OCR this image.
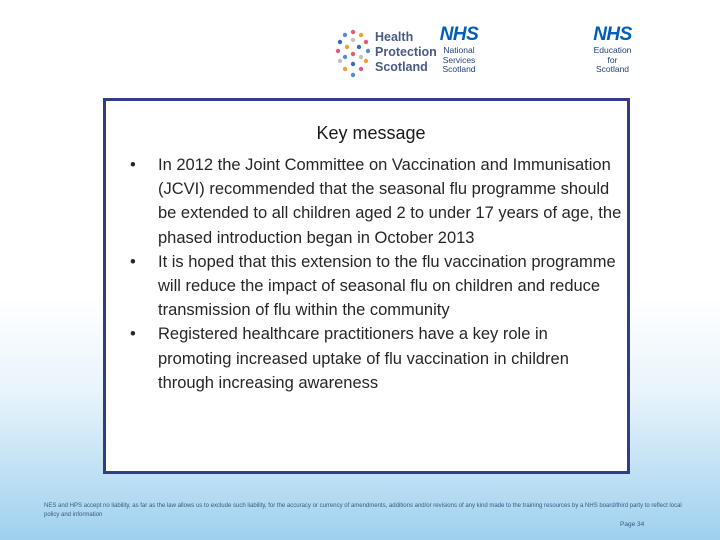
Health
Protection
Scotland
NHS
National
Services
Scotland
NHS
Education
for
Scotland
Key message
• In 2012 the Joint Committee on Vaccination and Immunisation (JCVI) recommended that the seasonal flu programme should be extended to all children aged 2 to under 17 years of age, the phased introduction began in October 2013
• It is hoped that this extension to the flu vaccination programme will reduce the impact of seasonal flu on children and reduce transmission of flu within the community
• Registered healthcare practitioners have a key role in promoting increased uptake of flu vaccination in children through increasing awareness
NES and HPS accept no liability, as far as the law allows us to exclude such liability, for the accuracy or currency of amendments, additions and/or revisions of any kind made to the training resources by a NHS board/third party to reflect local policy and information
Page 34
